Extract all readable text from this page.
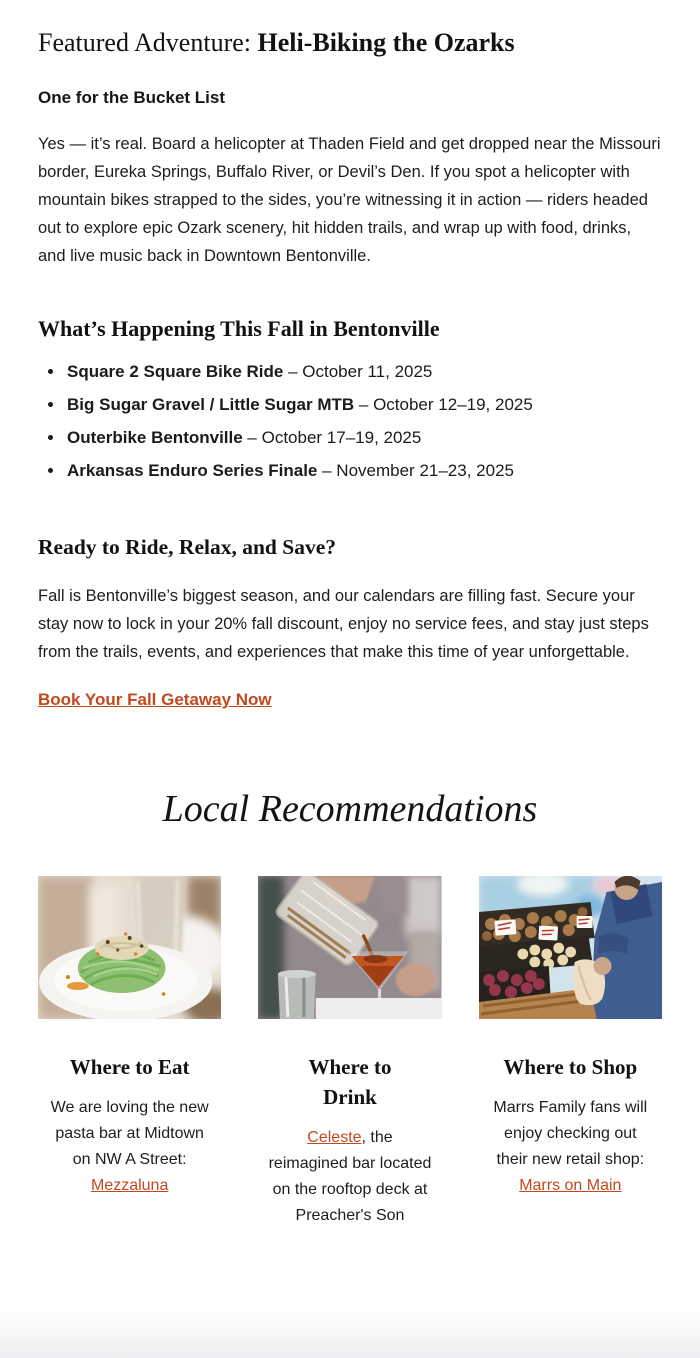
Featured Adventure: Heli-Biking the Ozarks

One for the Bucket List

Yes — it’s real. Board a helicopter at Thaden Field and get dropped near the Missouri border, Eureka Springs, Buffalo River, or Devil’s Den. If you spot a helicopter with mountain bikes strapped to the sides, you’re witnessing it in action — riders headed out to explore epic Ozark scenery, hit hidden trails, and wrap up with food, drinks, and live music back in Downtown Bentonville.

What’s Happening This Fall in Bentonville
• Square 2 Square Bike Ride – October 11, 2025
• Big Sugar Gravel / Little Sugar MTB – October 12–19, 2025
• Outerbike Bentonville – October 17–19, 2025
• Arkansas Enduro Series Finale – November 21–23, 2025
Ready to Ride, Relax, and Save?

Fall is Bentonville’s biggest season, and our calendars are filling fast. Secure your stay now to lock in your 20% fall discount, enjoy no service fees, and stay just steps from the trails, events, and experiences that make this time of year unforgettable.

Book Your Fall Getaway Now

Local Recommendations
Where to Eat

We are loving the new pasta bar at Midtown on NW A Street: Mezzaluna

Where to Drink

Celeste, the reimagined bar located on the rooftop deck at Preacher's Son

Where to Shop

Marrs Family fans will enjoy checking out their new retail shop: Marrs on Main
